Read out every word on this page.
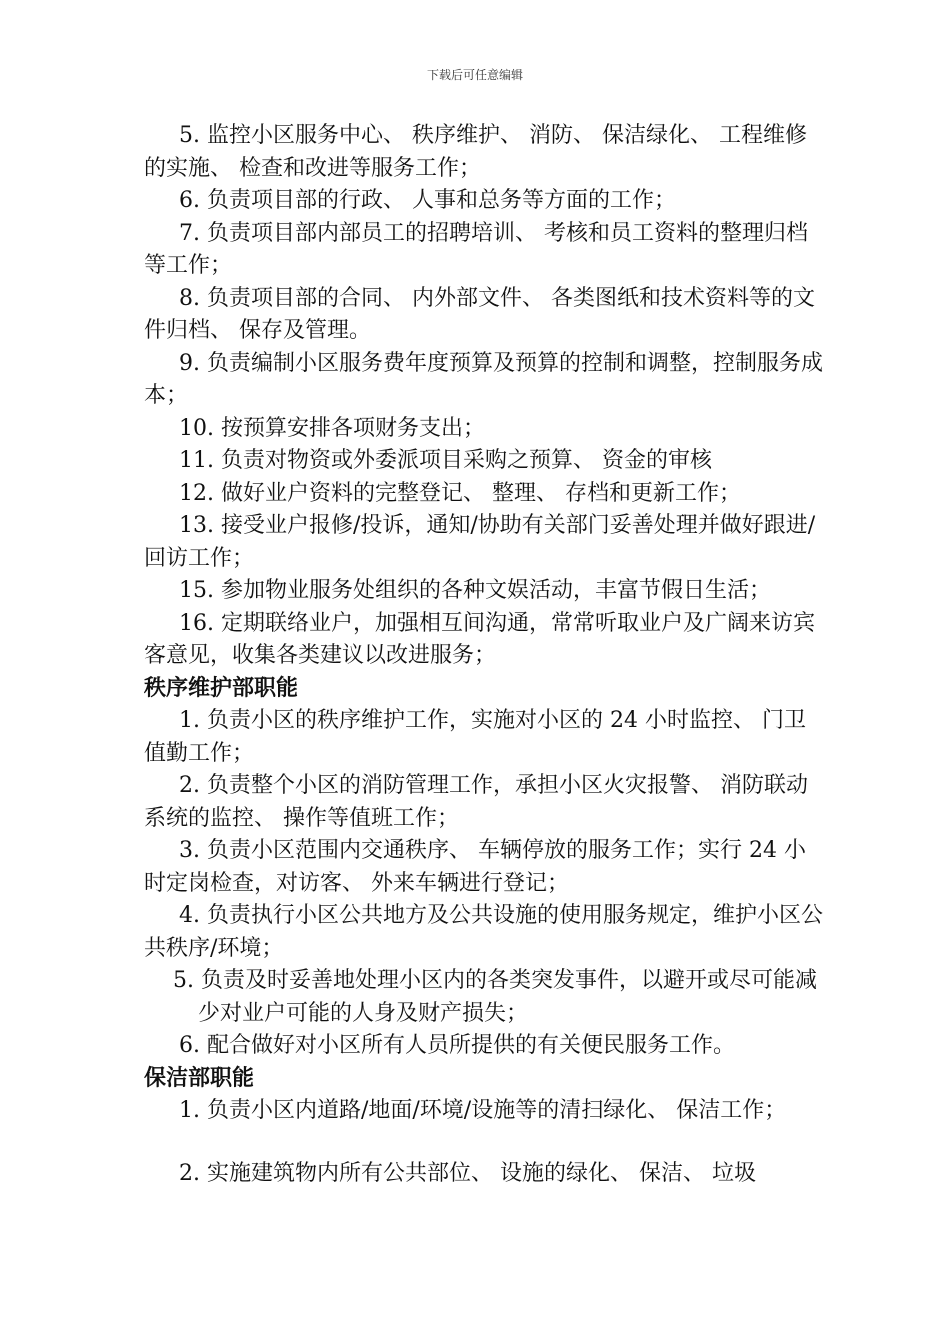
下载后可任意编辑

5. 监控小区服务中心、 秩序维护、 消防、 保洁绿化、 工程维修的实施、 检查和改进等服务工作；

6. 负责项目部的行政、 人事和总务等方面的工作；

7. 负责项目部内部员工的招聘培训、 考核和员工资料的整理归档等工作；

8. 负责项目部的合同、 内外部文件、 各类图纸和技术资料等的文件归档、 保存及管理。

9. 负责编制小区服务费年度预算及预算的控制和调整，控制服务成本；

10. 按预算安排各项财务支出；

11. 负责对物资或外委派项目采购之预算、 资金的审核

12. 做好业户资料的完整登记、 整理、 存档和更新工作；

13. 接受业户报修/投诉，通知/协助有关部门妥善处理并做好跟进/回访工作；

15. 参加物业服务处组织的各种文娱活动，丰富节假日生活；

16. 定期联络业户，加强相互间沟通，常常听取业户及广阔来访宾客意见，收集各类建议以改进服务；

秩序维护部职能

1. 负责小区的秩序维护工作，实施对小区的 24 小时监控、 门卫值勤工作；

2. 负责整个小区的消防管理工作，承担小区火灾报警、 消防联动系统的监控、 操作等值班工作；

3. 负责小区范围内交通秩序、 车辆停放的服务工作；实行 24 小时定岗检查，对访客、 外来车辆进行登记；

4. 负责执行小区公共地方及公共设施的使用服务规定，维护小区公共秩序/环境；

5. 负责及时妥善地处理小区内的各类突发事件，以避开或尽可能减少对业户可能的人身及财产损失；

6. 配合做好对小区所有人员所提供的有关便民服务工作。

保洁部职能

1. 负责小区内道路/地面/环境/设施等的清扫绿化、 保洁工作；

2. 实施建筑物内所有公共部位、 设施的绿化、 保洁、 垃圾
